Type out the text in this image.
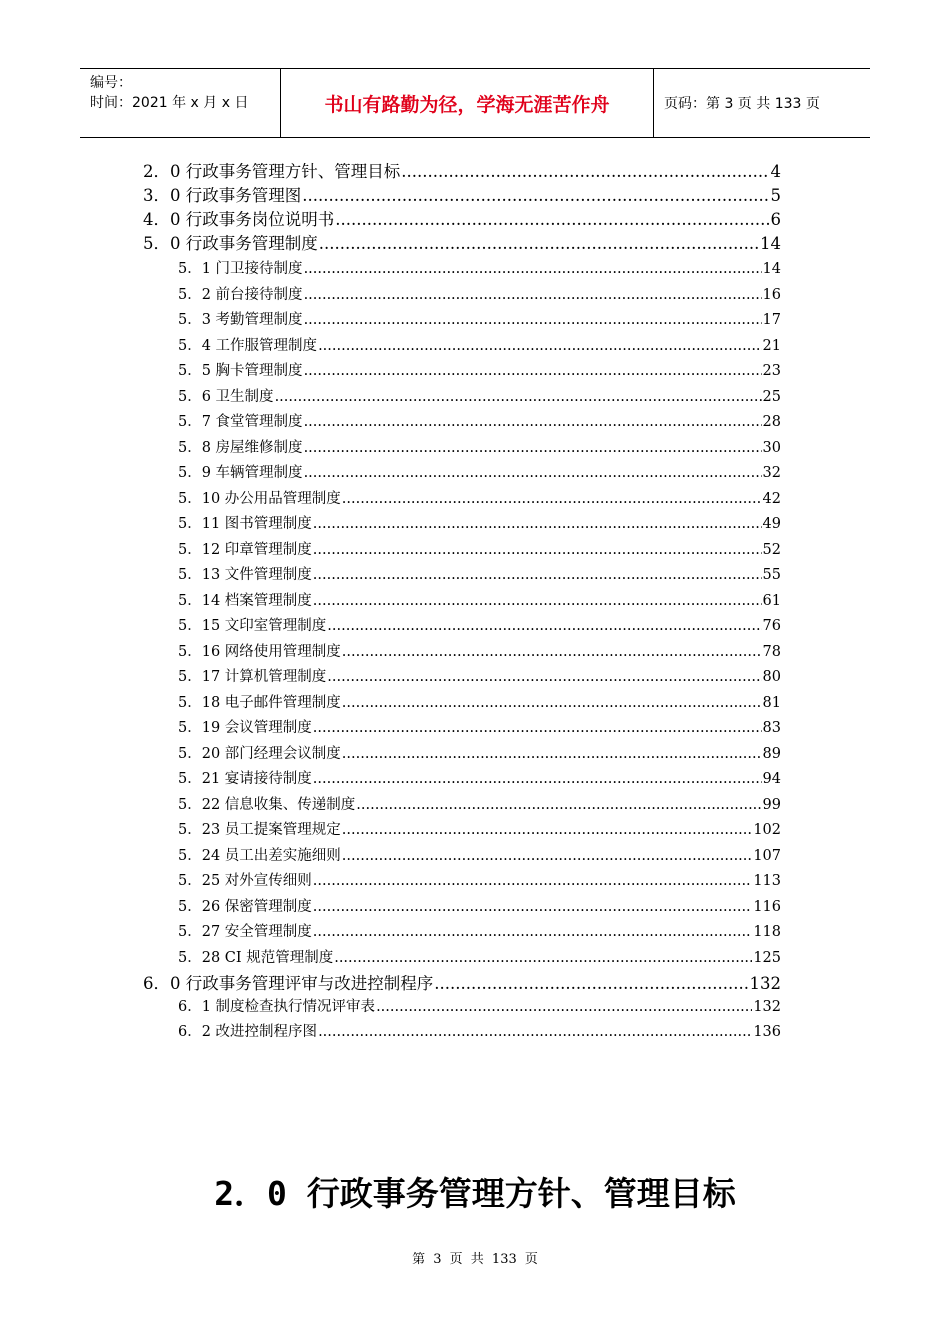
编号：
时间：2021 年 x 月 x 日	书山有路勤为径，学海无涯苦作舟	页码：第 3 页 共 133 页
2．0 行政事务管理方针、管理目标 .....	4
3．0 行政事务管理图 .....	5
4．0 行政事务岗位说明书 .....	6
5．0 行政事务管理制度 .....	14
5．1 门卫接待制度 .....	14
5．2 前台接待制度 .....	16
5．3 考勤管理制度 .....	17
5．4 工作服管理制度 .....	21
5．5 胸卡管理制度 .....	23
5．6 卫生制度 .....	25
5．7 食堂管理制度 .....	28
5．8 房屋维修制度 .....	30
5．9 车辆管理制度 .....	32
5．10 办公用品管理制度 .....	42
5．11 图书管理制度 .....	49
5．12 印章管理制度 .....	52
5．13 文件管理制度 .....	55
5．14 档案管理制度 .....	61
5．15 文印室管理制度 .....	76
5．16 网络使用管理制度 .....	78
5．17 计算机管理制度 .....	80
5．18 电子邮件管理制度 .....	81
5．19 会议管理制度 .....	83
5．20 部门经理会议制度 .....	89
5．21 宴请接待制度 .....	94
5．22 信息收集、传递制度 .....	99
5．23 员工提案管理规定 .....	102
5．24 员工出差实施细则 .....	107
5．25 对外宣传细则 .....	113
5．26 保密管理制度 .....	116
5．27 安全管理制度 .....	118
5．28 CI 规范管理制度 .....	125
6．0 行政事务管理评审与改进控制程序 .....	132
6．1 制度检查执行情况评审表 .....	132
6．2 改进控制程序图 .....	136
2．0 行政事务管理方针、管理目标
第 3 页 共 133 页
